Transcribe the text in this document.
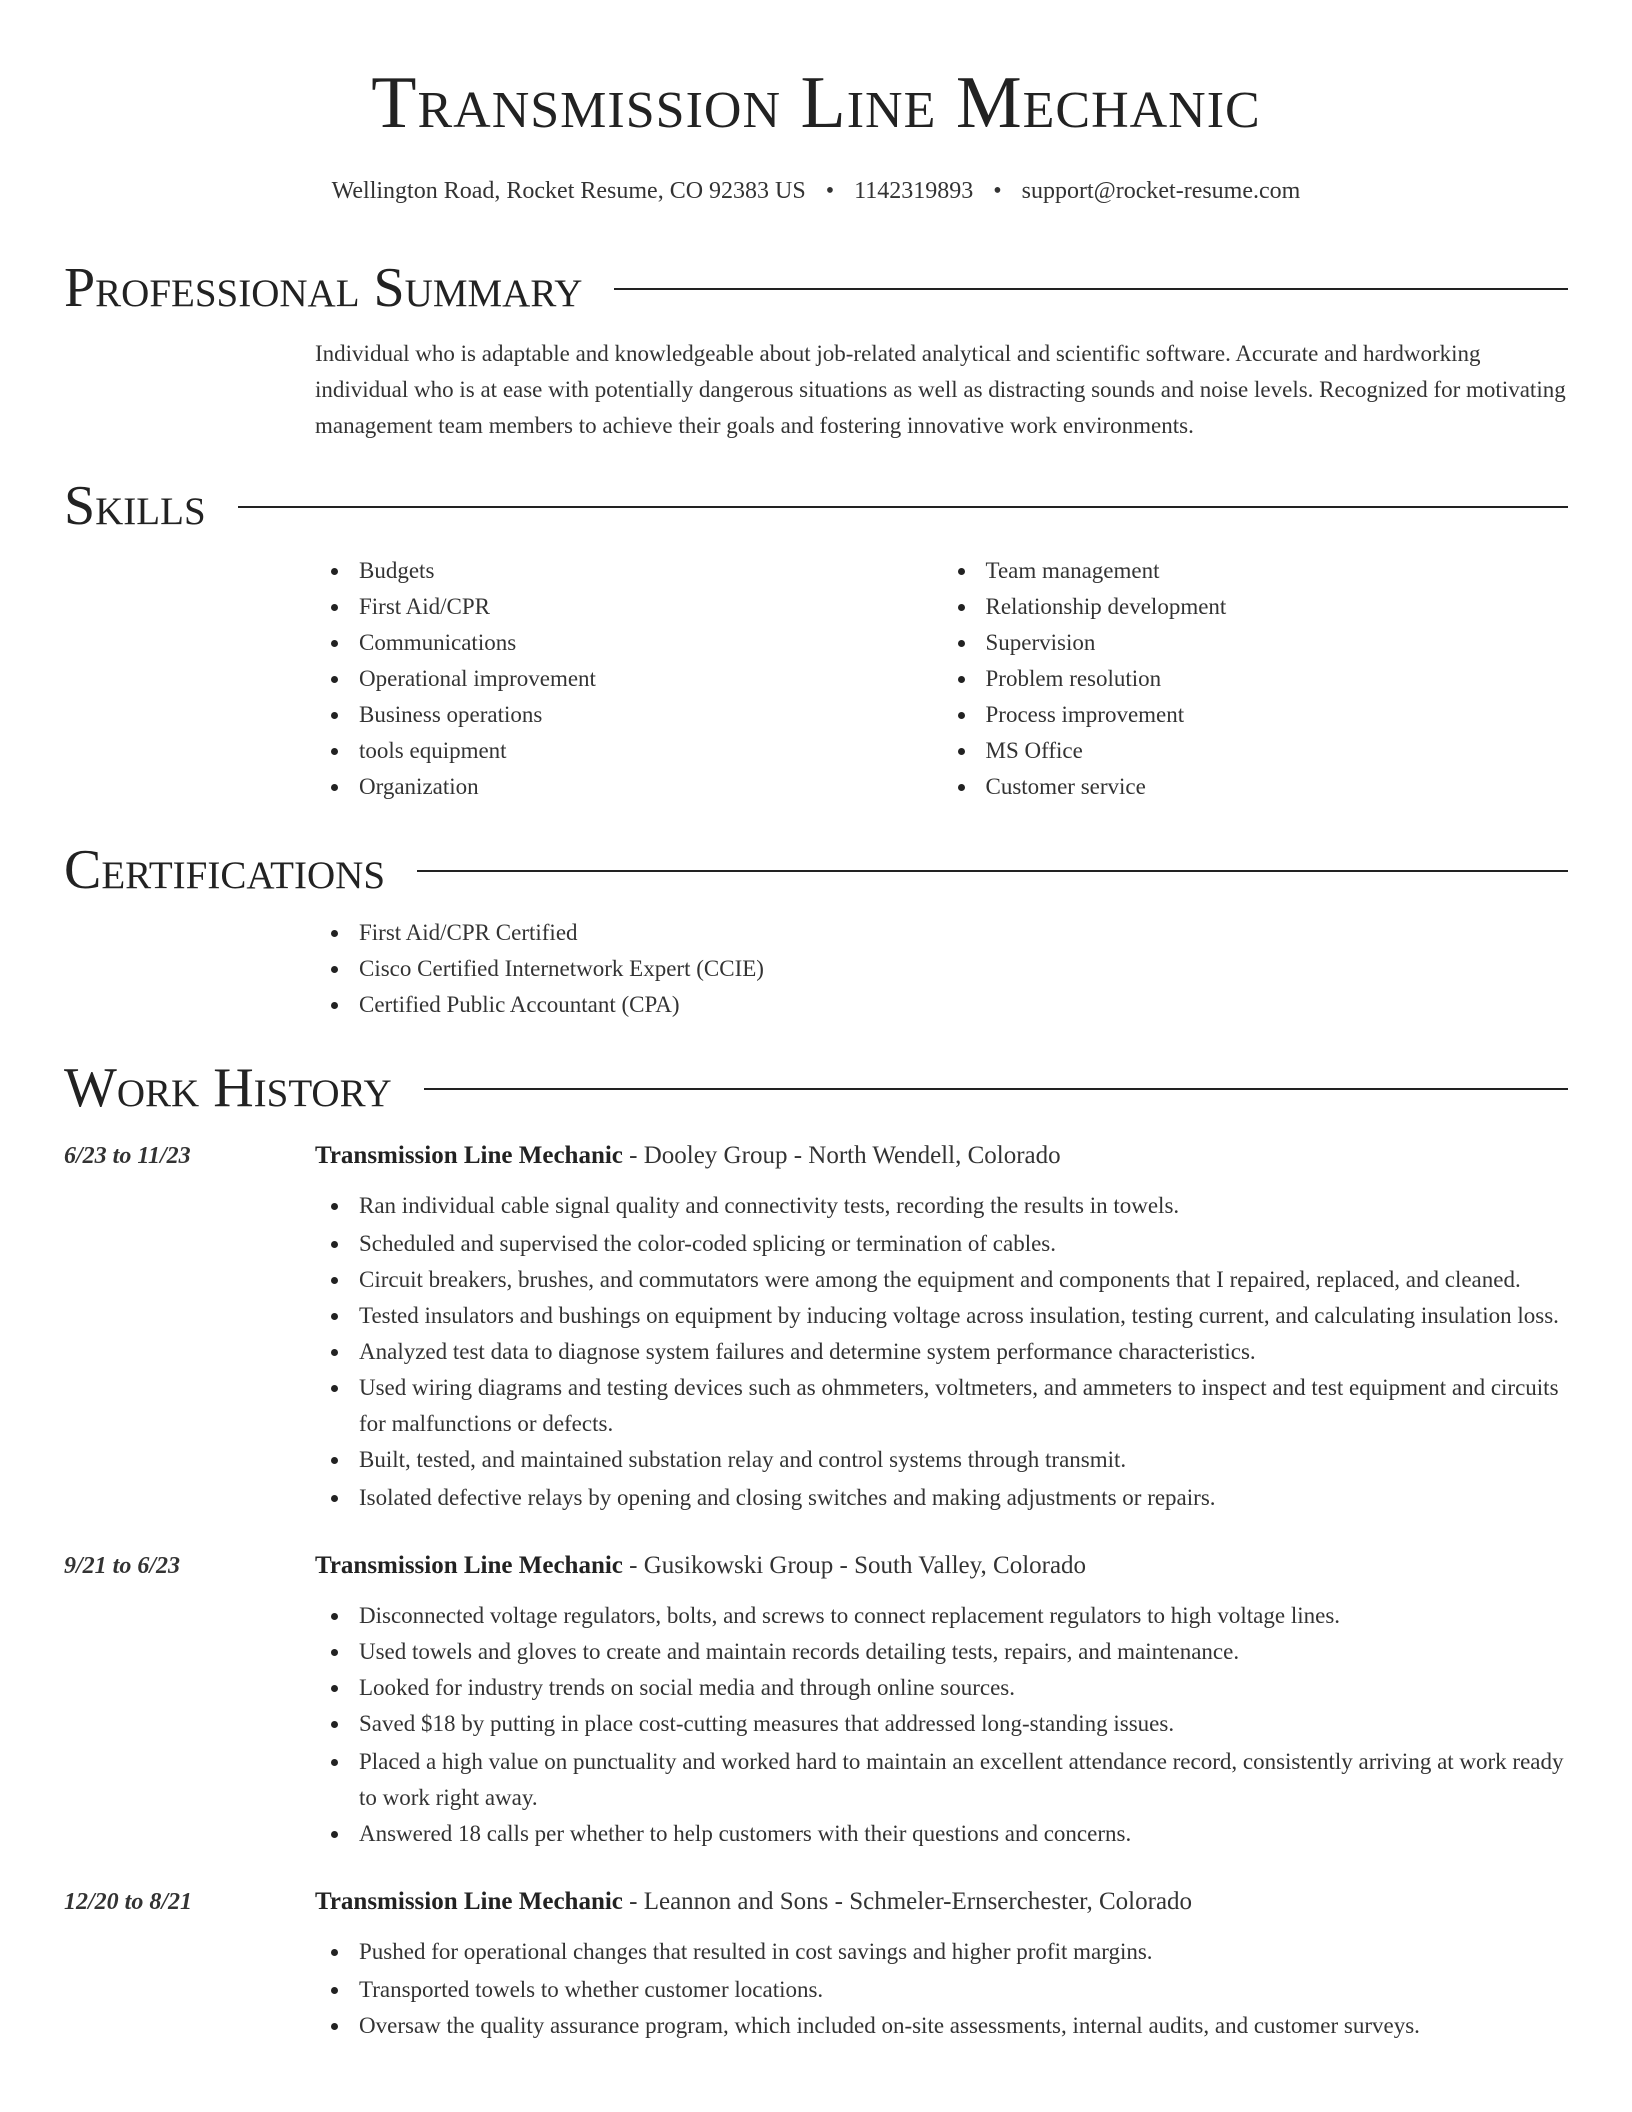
Transmission Line Mechanic
Wellington Road, Rocket Resume, CO 92383 US • 1142319893 • support@rocket-resume.com
Professional Summary
Individual who is adaptable and knowledgeable about job-related analytical and scientific software. Accurate and hardworking individual who is at ease with potentially dangerous situations as well as distracting sounds and noise levels. Recognized for motivating management team members to achieve their goals and fostering innovative work environments.
Skills
Budgets
First Aid/CPR
Communications
Operational improvement
Business operations
tools equipment
Organization
Team management
Relationship development
Supervision
Problem resolution
Process improvement
MS Office
Customer service
Certifications
First Aid/CPR Certified
Cisco Certified Internetwork Expert (CCIE)
Certified Public Accountant (CPA)
Work History
6/23 to 11/23	Transmission Line Mechanic - Dooley Group - North Wendell, Colorado
Ran individual cable signal quality and connectivity tests, recording the results in towels.
Scheduled and supervised the color-coded splicing or termination of cables.
Circuit breakers, brushes, and commutators were among the equipment and components that I repaired, replaced, and cleaned.
Tested insulators and bushings on equipment by inducing voltage across insulation, testing current, and calculating insulation loss.
Analyzed test data to diagnose system failures and determine system performance characteristics.
Used wiring diagrams and testing devices such as ohmmeters, voltmeters, and ammeters to inspect and test equipment and circuits for malfunctions or defects.
Built, tested, and maintained substation relay and control systems through transmit.
Isolated defective relays by opening and closing switches and making adjustments or repairs.
9/21 to 6/23	Transmission Line Mechanic - Gusikowski Group - South Valley, Colorado
Disconnected voltage regulators, bolts, and screws to connect replacement regulators to high voltage lines.
Used towels and gloves to create and maintain records detailing tests, repairs, and maintenance.
Looked for industry trends on social media and through online sources.
Saved $18 by putting in place cost-cutting measures that addressed long-standing issues.
Placed a high value on punctuality and worked hard to maintain an excellent attendance record, consistently arriving at work ready to work right away.
Answered 18 calls per whether to help customers with their questions and concerns.
12/20 to 8/21	Transmission Line Mechanic - Leannon and Sons - Schmeler-Ernserchester, Colorado
Pushed for operational changes that resulted in cost savings and higher profit margins.
Transported towels to whether customer locations.
Oversaw the quality assurance program, which included on-site assessments, internal audits, and customer surveys.
